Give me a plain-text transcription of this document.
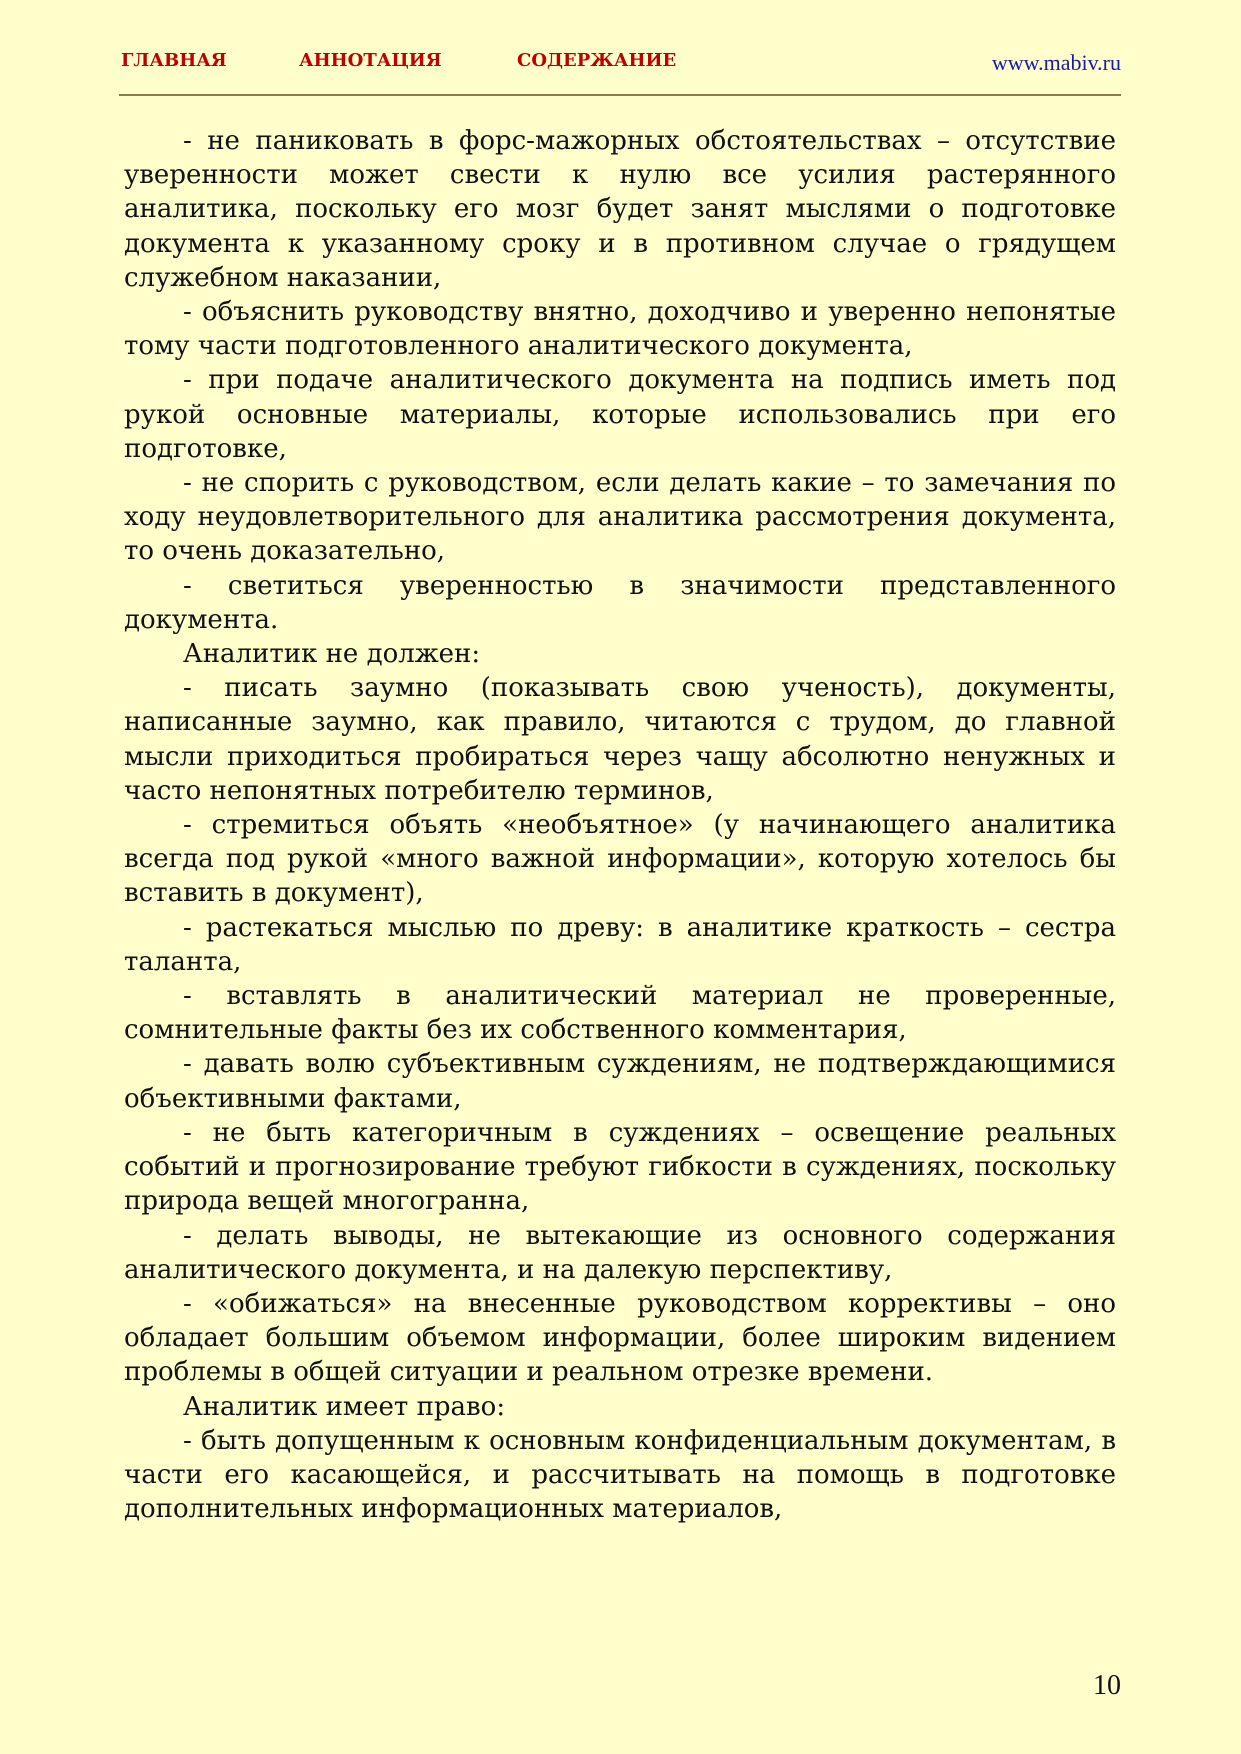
ГЛАВНАЯ	АННОТАЦИЯ	СОДЕРЖАНИЕ	www.mabiv.ru

- не паниковать в форс-мажорных обстоятельствах – отсутствие уверенности может свести к нулю все усилия растерянного аналитика, поскольку его мозг будет занят мыслями о подготовке документа к указанному сроку и в противном случае о грядущем служебном наказании,

- объяснить руководству внятно, доходчиво и уверенно непонятые тому части подготовленного аналитического документа,

- при подаче аналитического документа на подпись иметь под рукой основные материалы, которые использовались при его подготовке,

- не спорить с руководством, если делать какие – то замечания по ходу неудовлетворительного для аналитика рассмотрения документа, то очень доказательно,

- светиться уверенностью в значимости представленного документа.

Аналитик не должен:

- писать заумно (показывать свою ученость), документы, написанные заумно, как правило, читаются с трудом, до главной мысли приходиться пробираться через чащу абсолютно ненужных и часто непонятных потребителю терминов,

- стремиться объять «необъятное» (у начинающего аналитика всегда под рукой «много важной информации», которую хотелось бы вставить в документ),

- растекаться мыслью по древу: в аналитике краткость – сестра таланта,

- вставлять в аналитический материал не проверенные, сомнительные факты без их собственного комментария,

- давать волю субъективным суждениям, не подтверждающимися объективными фактами,

- не быть категоричным в суждениях – освещение реальных событий и прогнозирование требуют гибкости в суждениях, поскольку природа вещей многогранна,

- делать выводы, не вытекающие из основного содержания аналитического документа, и на далекую перспективу,

- «обижаться» на внесенные руководством коррективы – оно обладает большим объемом информации, более широким видением проблемы в общей ситуации и реальном отрезке времени.

Аналитик имеет право:

- быть допущенным к основным конфиденциальным документам, в части его касающейся, и рассчитывать на помощь в подготовке дополнительных информационных материалов,

10
